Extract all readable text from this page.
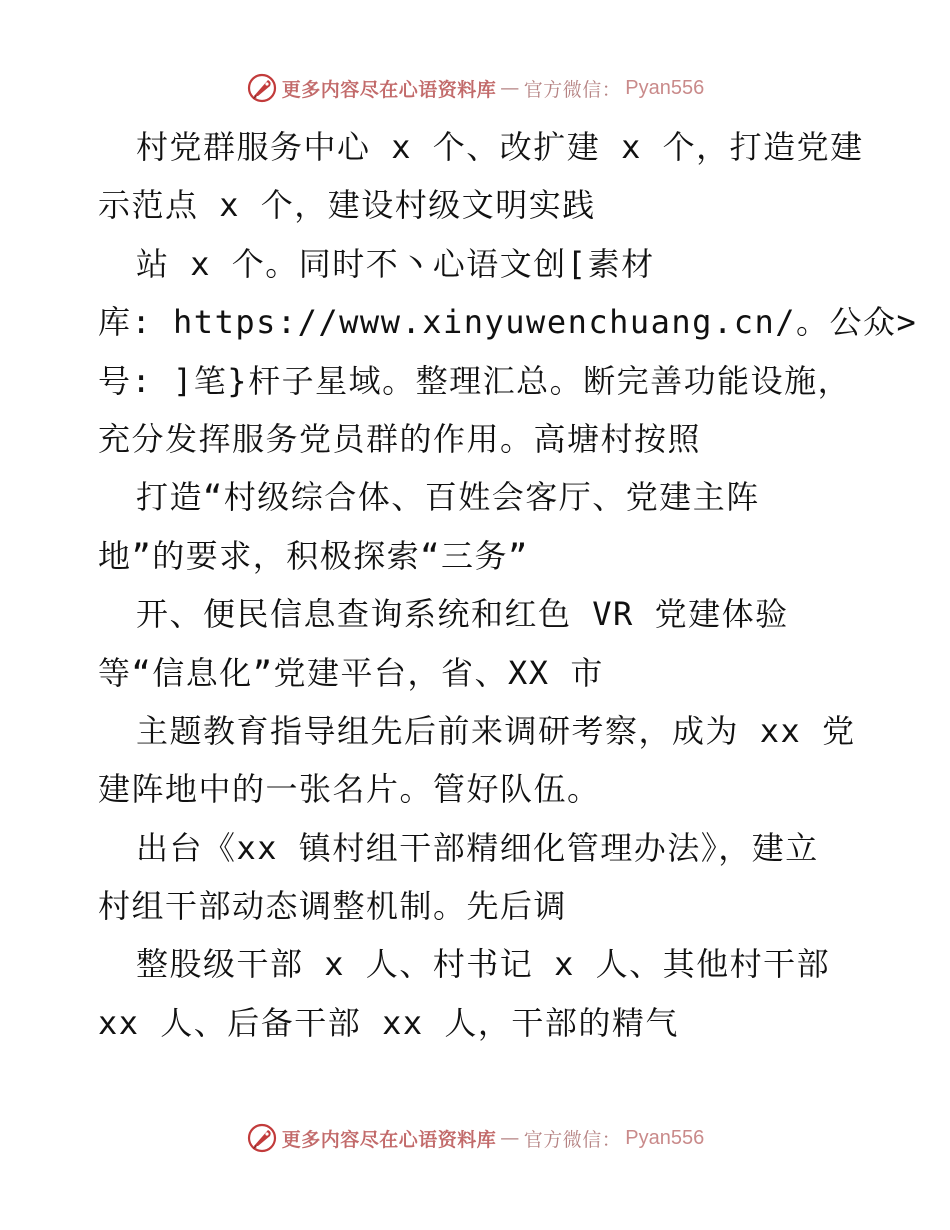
更多内容尽在心语资料库 — 官方微信： Pyan556
村党群服务中心 x 个、改扩建 x 个，打造党建
示范点 x 个，建设村级文明实践
站 x 个。同时不丶心语文创[素材
库: https://www.xinyuwenchuang.cn/。公众>
号: ]笔}杆子星域。整理汇总。断完善功能设施，
充分发挥服务党员群的作用。高塘村按照
打造“村级综合体、百姓会客厅、党建主阵
地”的要求，积极探索“三务”
开、便民信息查询系统和红色 VR 党建体验
等“信息化”党建平台，省、XX 市
主题教育指导组先后前来调研考察，成为 xx 党
建阵地中的一张名片。管好队伍。
出台《xx 镇村组干部精细化管理办法》，建立
村组干部动态调整机制。先后调
整股级干部 x 人、村书记 x 人、其他村干部
xx 人、后备干部 xx 人，干部的精气
更多内容尽在心语资料库 — 官方微信： Pyan556
